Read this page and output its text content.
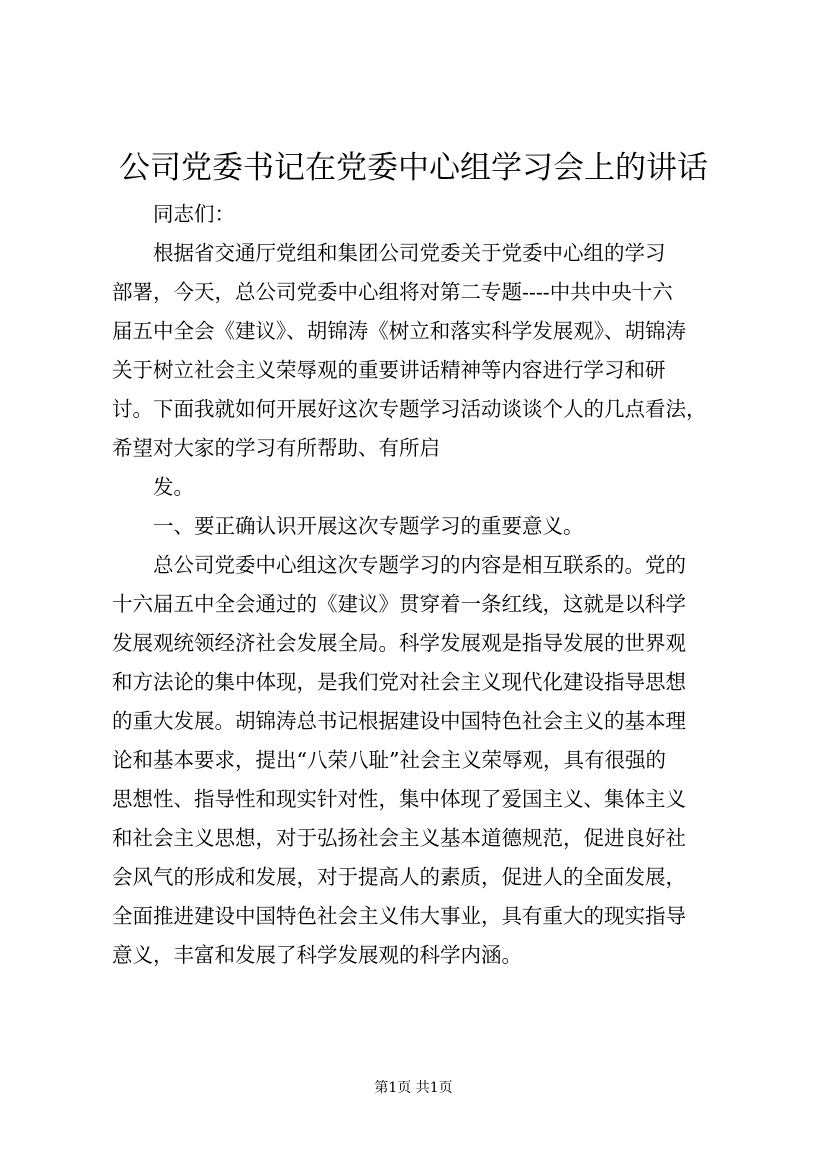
公司党委书记在党委中心组学习会上的讲话
同志们：
根据省交通厅党组和集团公司党委关于党委中心组的学习
部署，今天，总公司党委中心组将对第二专题----中共中央十六
届五中全会《建议》、胡锦涛《树立和落实科学发展观》、胡锦涛
关于树立社会主义荣辱观的重要讲话精神等内容进行学习和研
讨。下面我就如何开展好这次专题学习活动谈谈个人的几点看法，
希望对大家的学习有所帮助、有所启
发。
一、要正确认识开展这次专题学习的重要意义。
总公司党委中心组这次专题学习的内容是相互联系的。党的
十六届五中全会通过的《建议》贯穿着一条红线，这就是以科学
发展观统领经济社会发展全局。科学发展观是指导发展的世界观
和方法论的集中体现，是我们党对社会主义现代化建设指导思想
的重大发展。胡锦涛总书记根据建设中国特色社会主义的基本理
论和基本要求，提出“八荣八耻”社会主义荣辱观，具有很强的
思想性、指导性和现实针对性，集中体现了爱国主义、集体主义
和社会主义思想，对于弘扬社会主义基本道德规范，促进良好社
会风气的形成和发展，对于提高人的素质，促进人的全面发展，
全面推进建设中国特色社会主义伟大事业，具有重大的现实指导
意义，丰富和发展了科学发展观的科学内涵。
第1页 共1页
